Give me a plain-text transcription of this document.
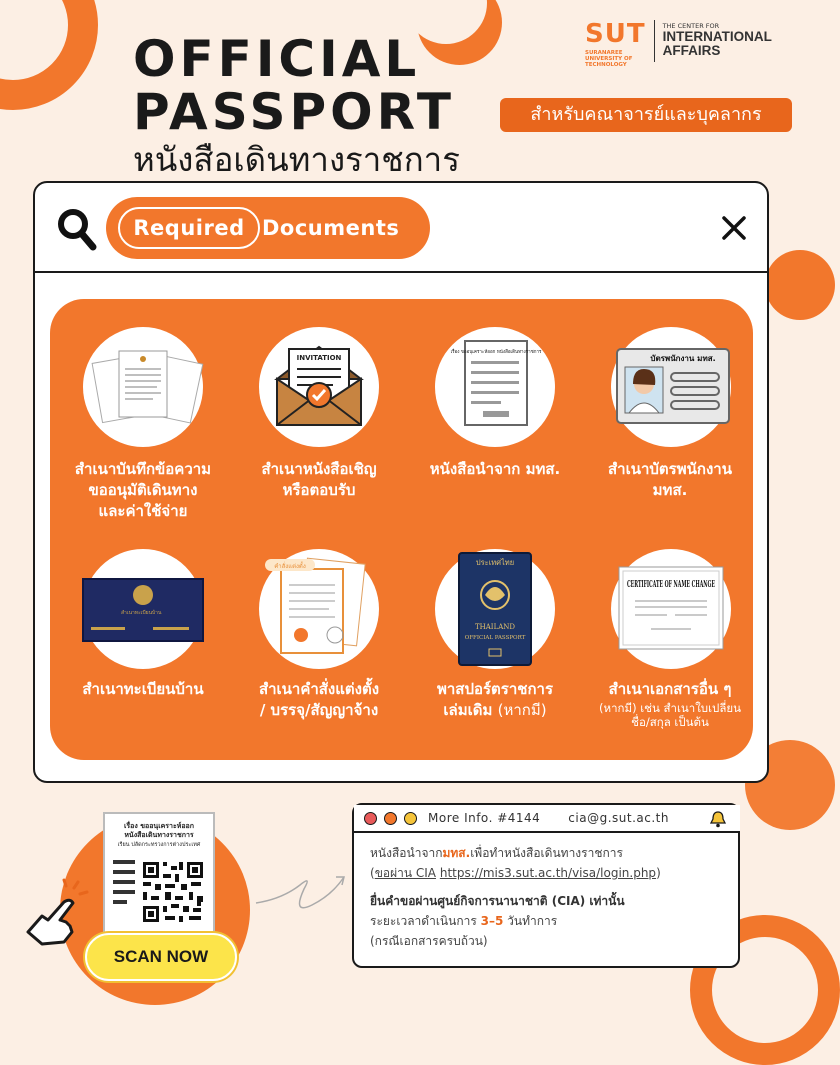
OFFICIAL
PASSPORT
หนังสือเดินทางราชการ
SUT
SURANAREE UNIVERSITY OF TECHNOLOGY
THE CENTER FOR
INTERNATIONAL
AFFAIRS
สำหรับคณาจารย์และบุคลากร
Required Documents
สำเนาบันทึกข้อความ
ขออนุมัติเดินทาง
และค่าใช้จ่าย
INVITATION
สำเนาหนังสือเชิญ
หรือตอบรับ
เรื่อง ขออนุเคราะห์ออก หนังสือเดินทางราชการ
หนังสือนำจาก มทส.
บัตรพนักงาน มทส.
สำเนาบัตรพนักงาน
มทส.
สำเนาทะเบียนบ้าน
สำเนาทะเบียนบ้าน
คำสั่งแต่งตั้ง
สำเนาคำสั่งแต่งตั้ง
/ บรรจุ/สัญญาจ้าง
ประเทศไทย
THAILAND
OFFICIAL PASSPORT
พาสปอร์ตราชการ
เล่มเดิม (หากมี)
CERTIFICATE OF NAME CHANGE
สำเนาเอกสารอื่น ๆ
(หากมี) เช่น สำเนาใบเปลี่ยน
ชื่อ/สกุล เป็นต้น
เรื่อง ขออนุเคราะห์ออก
หนังสือเดินทางราชการ
เรียน ปลัดกระทรวงการต่างประเทศ
SCAN NOW
More Info. #4144 cia@g.sut.ac.th
หนังสือนำจากมทส.เพื่อทำหนังสือเดินทางราชการ
(ขอผ่าน CIA https://mis3.sut.ac.th/visa/login.php)
ยื่นคำขอผ่านศูนย์กิจการนานาชาติ (CIA) เท่านั้น
ระยะเวลาดำเนินการ 3–5 วันทำการ
(กรณีเอกสารครบถ้วน)
